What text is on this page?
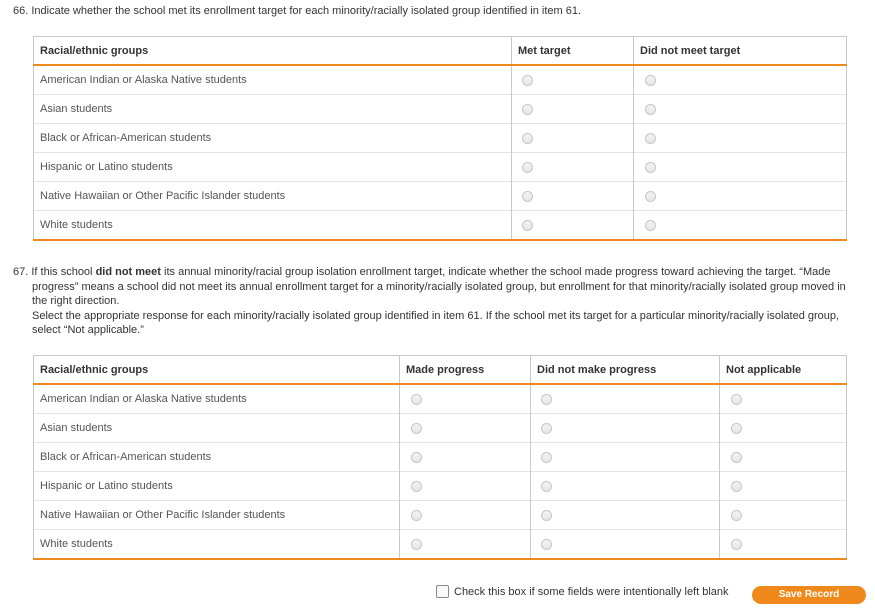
66. Indicate whether the school met its enrollment target for each minority/racially isolated group identified in item 61.
Racial/ethnic groups	Met target	Did not meet target
American Indian or Alaska Native students	

Asian students	

Black or African-American students	

Hispanic or Latino students	

Native Hawaiian or Other Pacific Islander students	

White students	

67. If this school did not meet its annual minority/racial group isolation enrollment target, indicate whether the school made progress toward achieving the target. “Made progress” means a school did not meet its annual enrollment target for a minority/racially isolated group, but enrollment for that minority/racially isolated group moved in the right direction.
Select the appropriate response for each minority/racially isolated group identified in item 61. If the school met its target for a particular minority/racially isolated group, select “Not applicable.”
Racial/ethnic groups	Made progress	Did not make progress	Not applicable
American Indian or Alaska Native students	

Asian students	

Black or African-American students	

Hispanic or Latino students	

Native Hawaiian or Other Pacific Islander students	

White students	

Check this box if some fields were intentionally left blank	Save Record
